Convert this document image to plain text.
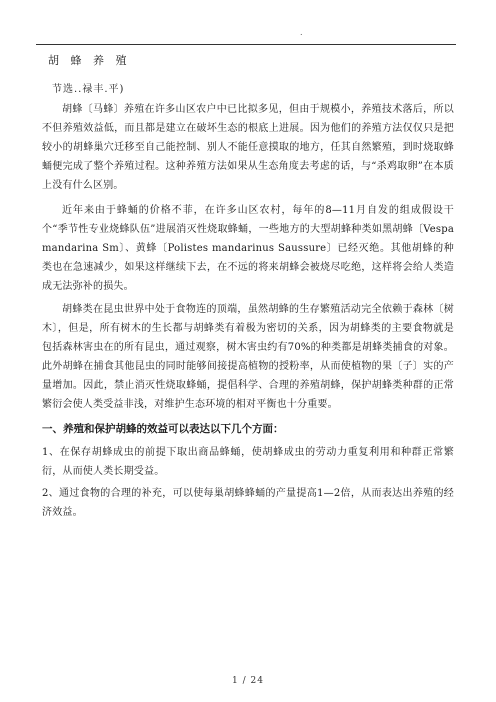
.
胡 蜂 养 殖
节选..禄丰.平)

胡蜂〔马蜂〕养殖在许多山区农户中已比拟多见，但由于规模小，养殖技术落后，所以不但养殖效益低，而且都是建立在破坏生态的根底上进展。因为他们的养殖方法仅仅只是把较小的胡蜂巢穴迁移至自己能控制、别人不能任意摸取的地方，任其自然繁殖，到时烧取蜂蛹便完成了整个养殖过程。这种养殖方法如果从生态角度去考虑的话，与“杀鸡取卵”在本质上没有什么区别。

近年来由于蜂蛹的价格不菲，在许多山区农村，每年的8—11月自发的组成假设干个“季节性专业烧蜂队伍”进展消灭性烧取蜂蛹，一些地方的大型胡蜂种类如黑胡蜂〔Vespa mandarina Sm〕、黄蜂〔Polistes mandarinus Saussure〕已经灭绝。其他胡蜂的种类也在急速减少，如果这样继续下去，在不远的将来胡蜂会被烧尽吃绝，这样将会给人类造成无法弥补的损失。

胡蜂类在昆虫世界中处于食物连的顶端，虽然胡蜂的生存繁殖活动完全依赖于森林〔树木〕，但是，所有树木的生长都与胡蜂类有着极为密切的关系，因为胡蜂类的主要食物就是包括森林害虫在的所有昆虫，通过观察，树木害虫约有70%的种类都是胡蜂类捕食的对象。此外胡蜂在捕食其他昆虫的同时能够间接提高植物的授粉率，从而使植物的果〔子〕实的产量增加。因此，禁止消灭性烧取蜂蛹，提倡科学、合理的养殖胡蜂，保护胡蜂类种群的正常繁衍会使人类受益非浅，对维护生态环境的相对平衡也十分重要。

一、养殖和保护胡蜂的效益可以表达以下几个方面：

1、在保存胡蜂成虫的前提下取出商品蜂蛹，使胡蜂成虫的劳动力重复利用和种群正常繁衍，从而使人类长期受益。

2、通过食物的合理的补充，可以使每巢胡蜂蜂蛹的产量提高1—2倍，从而表达出养殖的经济效益。

1 / 24
